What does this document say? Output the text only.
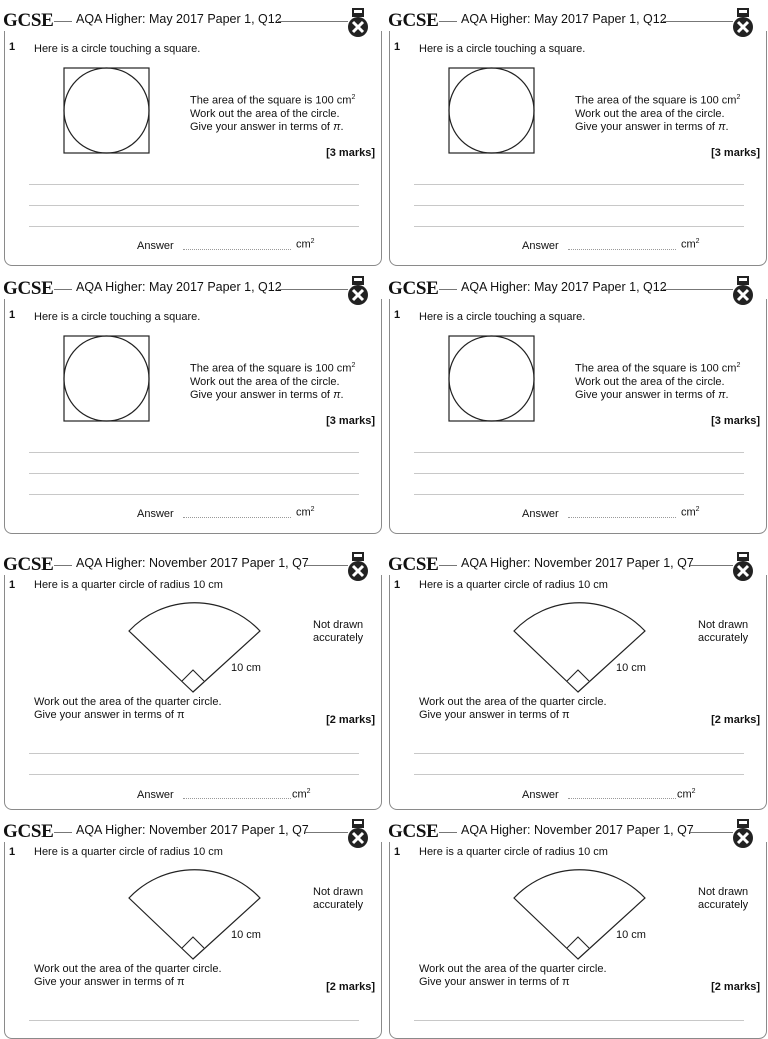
GCSE AQA Higher: May 2017 Paper 1, Q12
1 Here is a circle touching a square.
The area of the square is 100 $cm^2$
Work out the area of the circle.
Give your answer in terms of π.
[3 marks]
Answer	$cm^2$
GCSE AQA Higher: May 2017 Paper 1, Q12
1 Here is a circle touching a square.
The area of the square is 100 $cm^2$
Work out the area of the circle.
Give your answer in terms of π.
[3 marks]
Answer	$cm^2$
GCSE AQA Higher: May 2017 Paper 1, Q12
1 Here is a circle touching a square.
The area of the square is 100 $cm^2$
Work out the area of the circle.
Give your answer in terms of π.
[3 marks]
Answer	$cm^2$
GCSE AQA Higher: May 2017 Paper 1, Q12
1 Here is a circle touching a square.
The area of the square is 100 $cm^2$
Work out the area of the circle.
Give your answer in terms of π.
[3 marks]
Answer	$cm^2$
GCSE AQA Higher: November 2017 Paper 1, Q7
1 Here is a quarter circle of radius 10 cm
Not drawn
accurately
10 cm
Work out the area of the quarter circle.
Give your answer in terms of π	[2 marks]
Answer	$cm^2$
GCSE AQA Higher: November 2017 Paper 1, Q7
1 Here is a quarter circle of radius 10 cm
Not drawn
accurately
10 cm
Work out the area of the quarter circle.
Give your answer in terms of π	[2 marks]
Answer	$cm^2$
GCSE AQA Higher: November 2017 Paper 1, Q7
1 Here is a quarter circle of radius 10 cm
Not drawn
accurately
10 cm
Work out the area of the quarter circle.
Give your answer in terms of π	[2 marks]
GCSE AQA Higher: November 2017 Paper 1, Q7
1 Here is a quarter circle of radius 10 cm
Not drawn
accurately
10 cm
Work out the area of the quarter circle.
Give your answer in terms of π	[2 marks]
